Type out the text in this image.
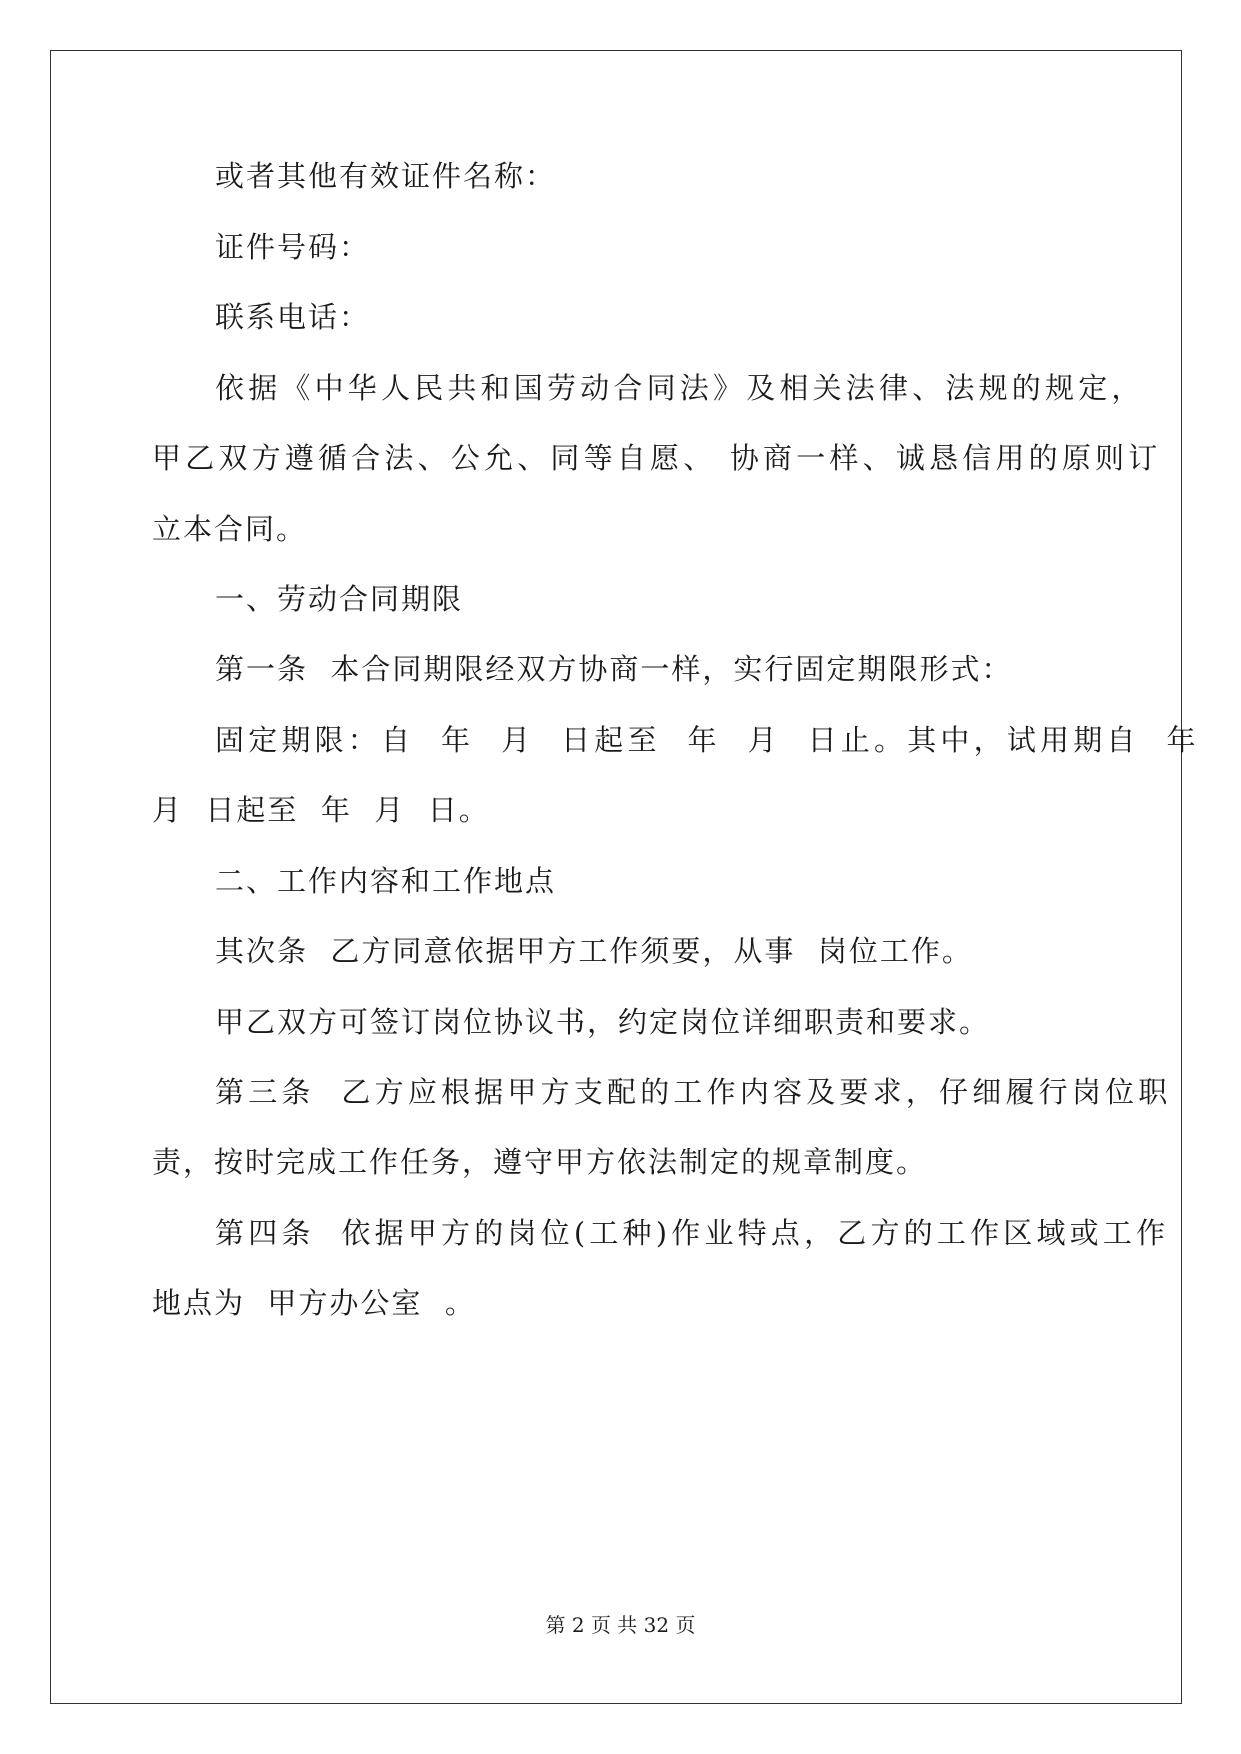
或者其他有效证件名称：

证件号码：

联系电话：

依据《中华人民共和国劳动合同法》及相关法律、法规的规定，

甲乙双方遵循合法、公允、同等自愿、 协商一样、诚恳信用的原则订

立本合同。

一、劳动合同期限

第一条  本合同期限经双方协商一样，实行固定期限形式：

固定期限：自  年  月  日起至  年  月  日止。其中，试用期自  年

月  日起至  年  月  日。

二、工作内容和工作地点

其次条  乙方同意依据甲方工作须要，从事  岗位工作。

甲乙双方可签订岗位协议书，约定岗位详细职责和要求。

第三条  乙方应根据甲方支配的工作内容及要求，仔细履行岗位职

责，按时完成工作任务，遵守甲方依法制定的规章制度。

第四条  依据甲方的岗位(工种)作业特点，乙方的工作区域或工作

地点为  甲方办公室  。

第 2 页 共 32 页
